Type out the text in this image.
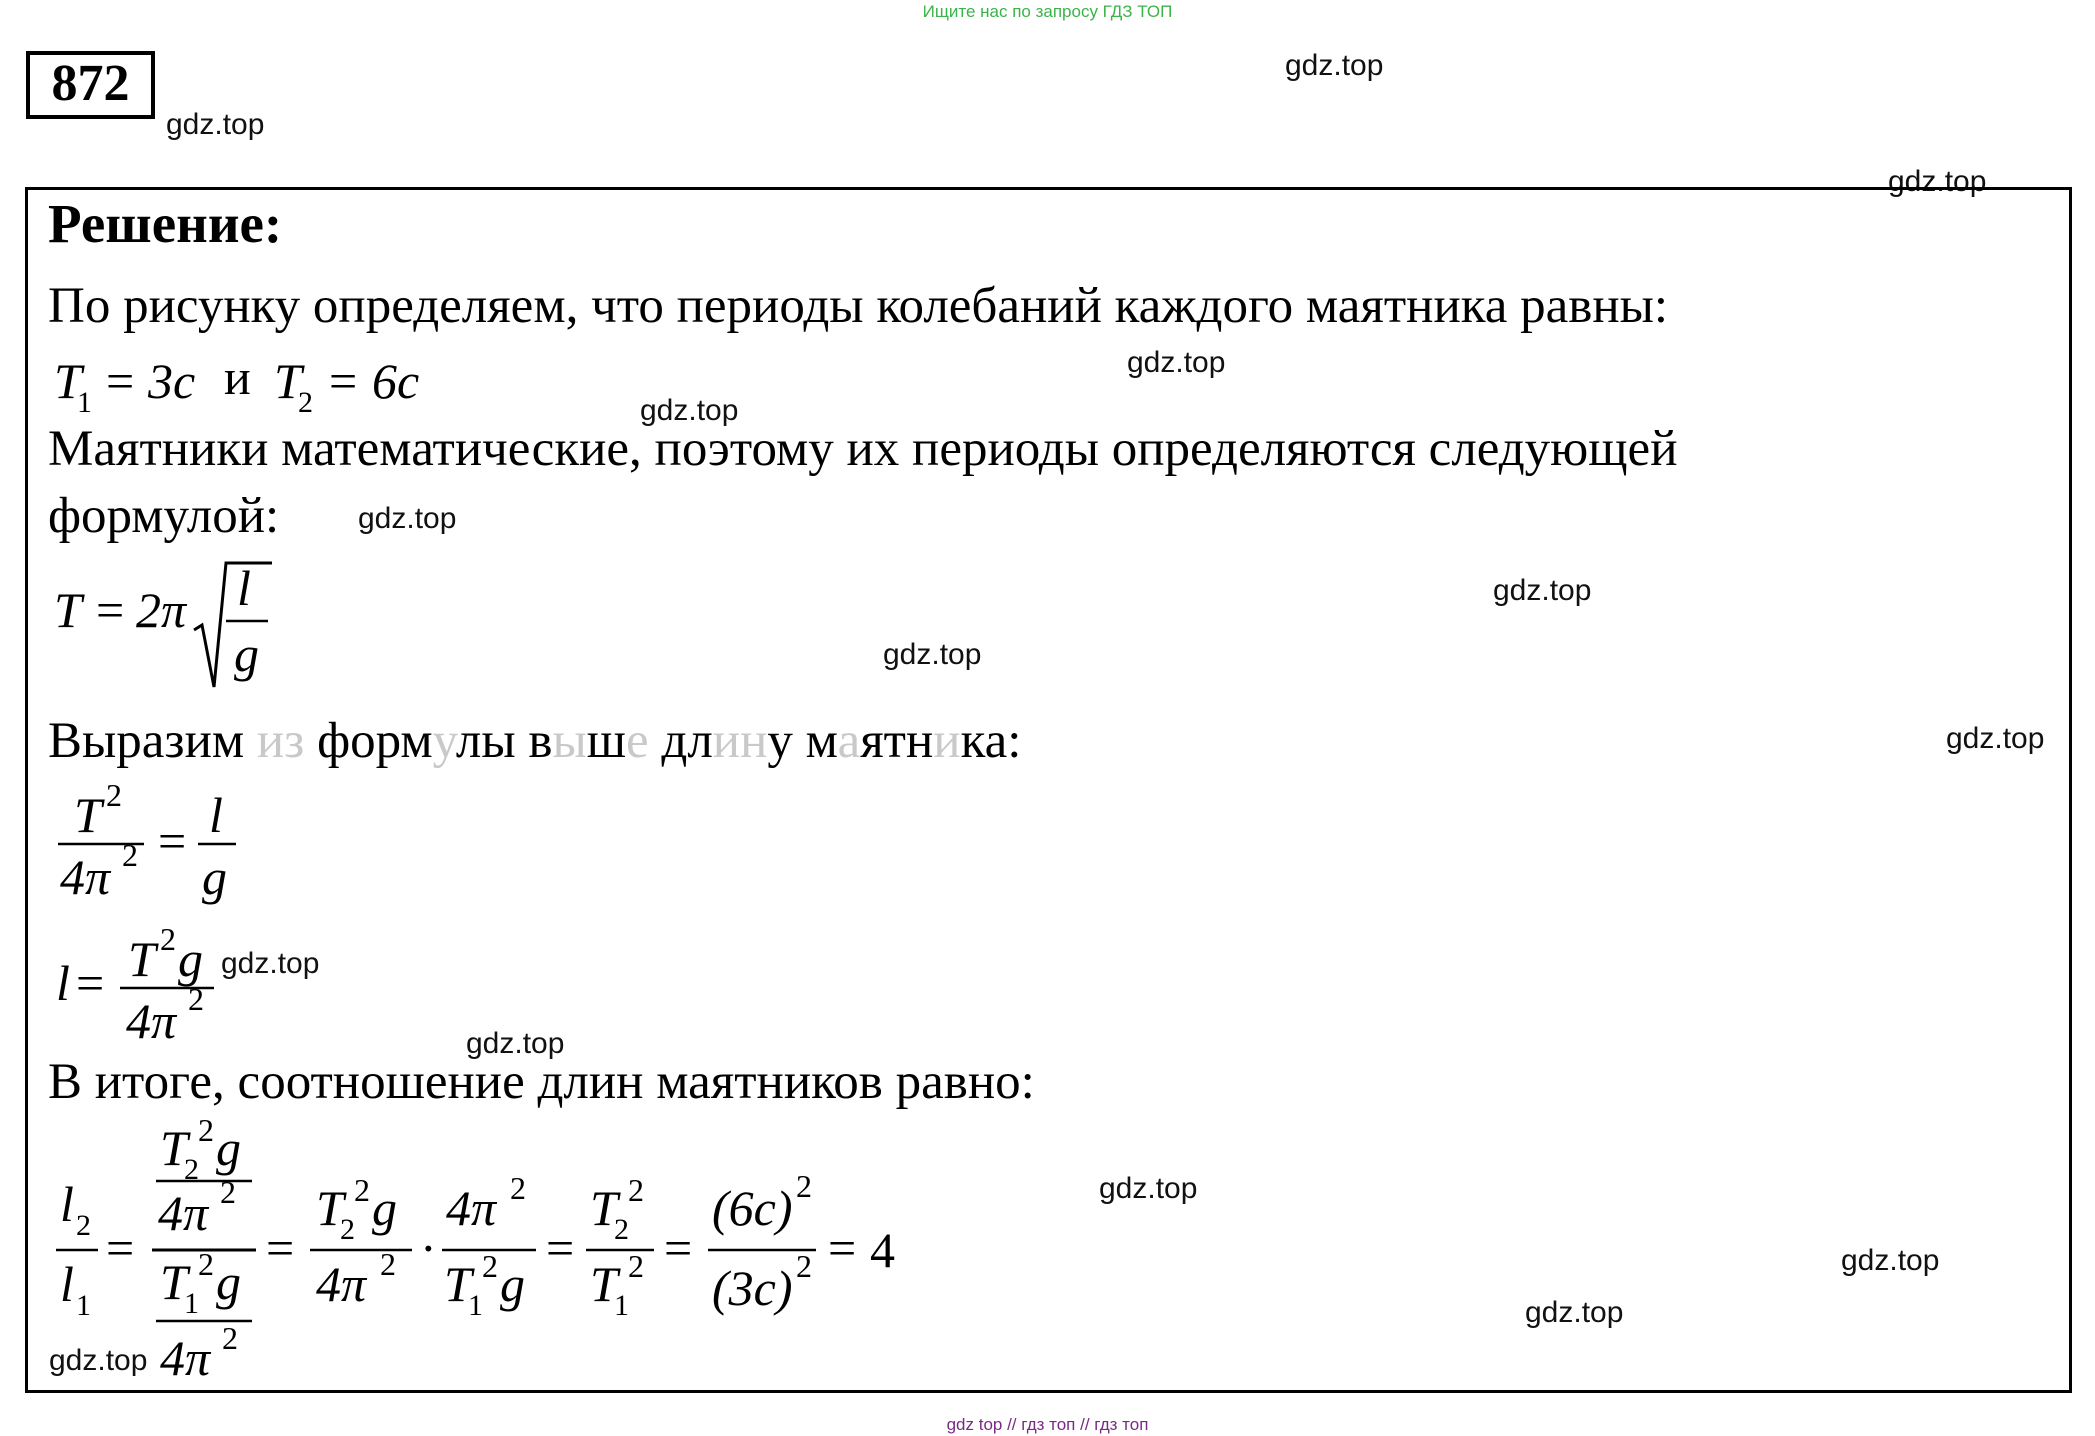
Ищите нас по запросу ГДЗ ТОП
872	gdz.top
gdz.top
gdz.top
gdz.top
gdz.top
gdz.top
gdz.top
gdz.top
gdz.top
gdz.top
gdz.top
gdz.top
gdz.top
gdz.top
gdz.top
Решение:
По рисунку определяем, что периоды колебаний каждого маятника равны:
T
1 = 3c и T
2 = 6c
Маятники математические, поэтому их периоды определяются следующей
формулой:
T = 2π l
g
Выразим из формулы выше длину маятника:
T 2
4π 2 = l
g
l = T 2 g
4π 2
В итоге, соотношение длин маятников равно:
l 2
l 1
=
T
2
2 g
4π 2
T
1
2 g
4π 2
=
T
2
2 g
4π 2 ·
4π 2
T
1
2 g
=
T
2
2
T
1
2 =
(6c) 2
(3c) 2 = 4
gdz top // гдз топ // гдз топ
